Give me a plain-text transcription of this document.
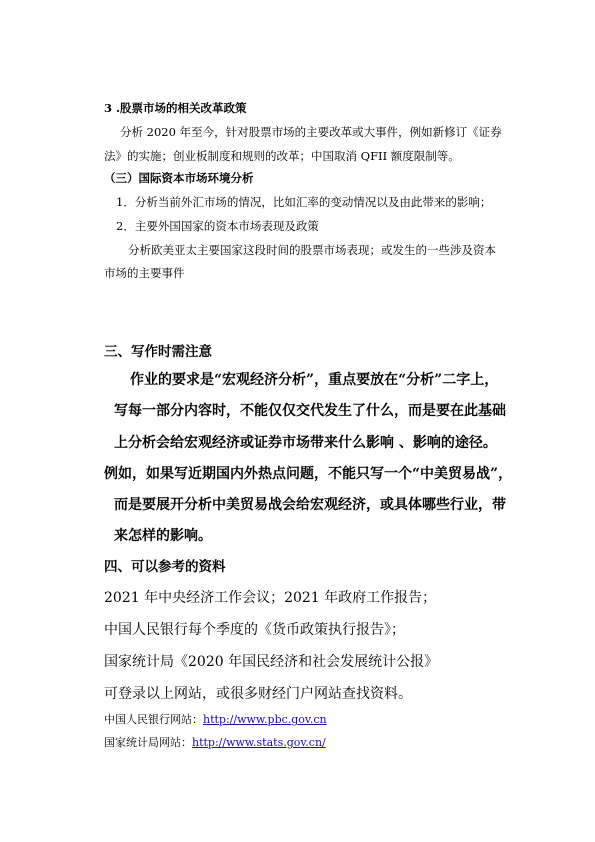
3 .股票市场的相关改革政策
分析 2020 年至今，针对股票市场的主要改革或大事件，例如新修订《证券
法》的实施；创业板制度和规则的改革；中国取消 QFII 额度限制等。
（三）国际资本市场环境分析
1．分析当前外汇市场的情况，比如汇率的变动情况以及由此带来的影响；
2．主要外国国家的资本市场表现及政策
分析欧美亚太主要国家这段时间的股票市场表现；或发生的一些涉及资本
市场的主要事件
三、写作时需注意
作业的要求是“宏观经济分析”，重点要放在“分析”二字上，
写每一部分内容时，不能仅仅交代发生了什么，而是要在此基础
上分析会给宏观经济或证券市场带来什么影响 、影响的途径。
例如，如果写近期国内外热点问题，不能只写一个“中美贸易战”，
而是要展开分析中美贸易战会给宏观经济，或具体哪些行业，带
来怎样的影响。
四、可以参考的资料
2021 年中央经济工作会议；2021 年政府工作报告；
中国人民银行每个季度的《货币政策执行报告》；
国家统计局《2020 年国民经济和社会发展统计公报》
可登录以上网站，或很多财经门户网站查找资料。
中国人民银行网站：http://www.pbc.gov.cn
国家统计局网站：http://www.stats.gov.cn/
